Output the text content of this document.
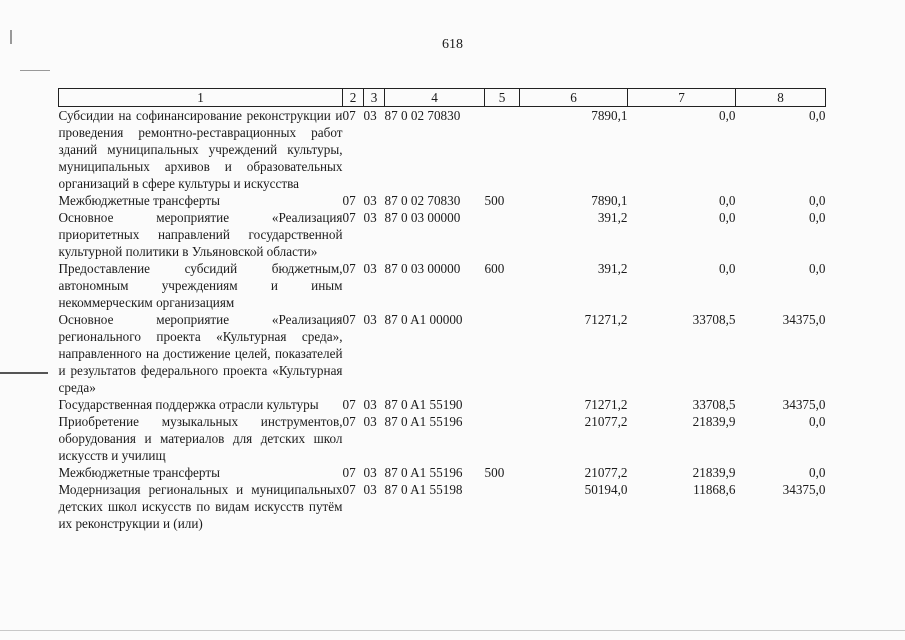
618
1	2	3	4	5	6	7	8
Субсидии на софинансирование реконструкции и проведения ремонтно-реставрационных работ зданий муниципальных учреждений культуры, муниципальных архивов и образовательных организаций в сфере культуры и искусства	07	03	87 0 02 70830		7890,1	0,0	0,0
Межбюджетные трансферты	07	03	87 0 02 70830	500	7890,1	0,0	0,0
Основное мероприятие «Реализация приоритетных направлений государственной культурной политики в Ульяновской области»	07	03	87 0 03 00000		391,2	0,0	0,0
Предоставление субсидий бюджетным, автономным учреждениям и иным некоммерческим организациям	07	03	87 0 03 00000	600	391,2	0,0	0,0
Основное мероприятие «Реализация регионального проекта «Культурная среда», направленного на достижение целей, показателей и результатов федерального проекта «Культурная среда»	07	03	87 0 A1 00000		71271,2	33708,5	34375,0
Государственная поддержка отрасли культуры	07	03	87 0 A1 55190		71271,2	33708,5	34375,0
Приобретение музыкальных инструментов, оборудования и материалов для детских школ искусств и училищ	07	03	87 0 A1 55196		21077,2	21839,9	0,0
Межбюджетные трансферты	07	03	87 0 A1 55196	500	21077,2	21839,9	0,0
Модернизация региональных и муниципальных детских школ искусств по видам искусств путём их реконструкции и (или)	07	03	87 0 A1 55198		50194,0	11868,6	34375,0
